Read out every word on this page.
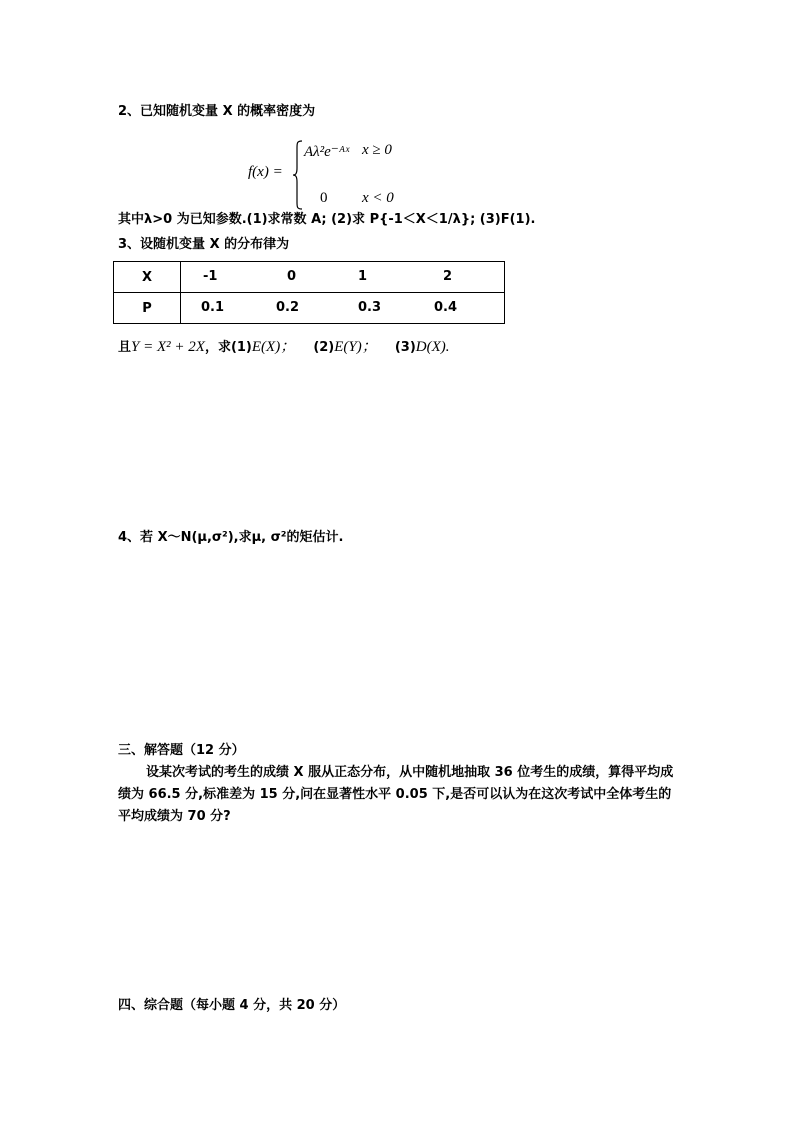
2、已知随机变量 X 的概率密度为
f(x) =
Aλ²e⁻ᴬˣ x ≥ 0
0 x < 0
其中λ>0 为已知参数.(1)求常数 A; (2)求 P{-1＜X＜1/λ}; (3)F(1).
3、设随机变量 X 的分布律为
X	-1 0 1 2

P	0.1 0.2 0.3 0.4
且Y = X² + 2X，求(1)E(X)； (2)E(Y)； (3)D(X).
4、若 X～N(μ,σ²),求μ, σ²的矩估计.
三、解答题（12 分）
设某次考试的考生的成绩 X 服从正态分布，从中随机地抽取 36 位考生的成绩，算得平均成绩为 66.5 分,标准差为 15 分,问在显著性水平 0.05 下,是否可以认为在这次考试中全体考生的平均成绩为 70 分?
四、综合题（每小题 4 分，共 20 分）
